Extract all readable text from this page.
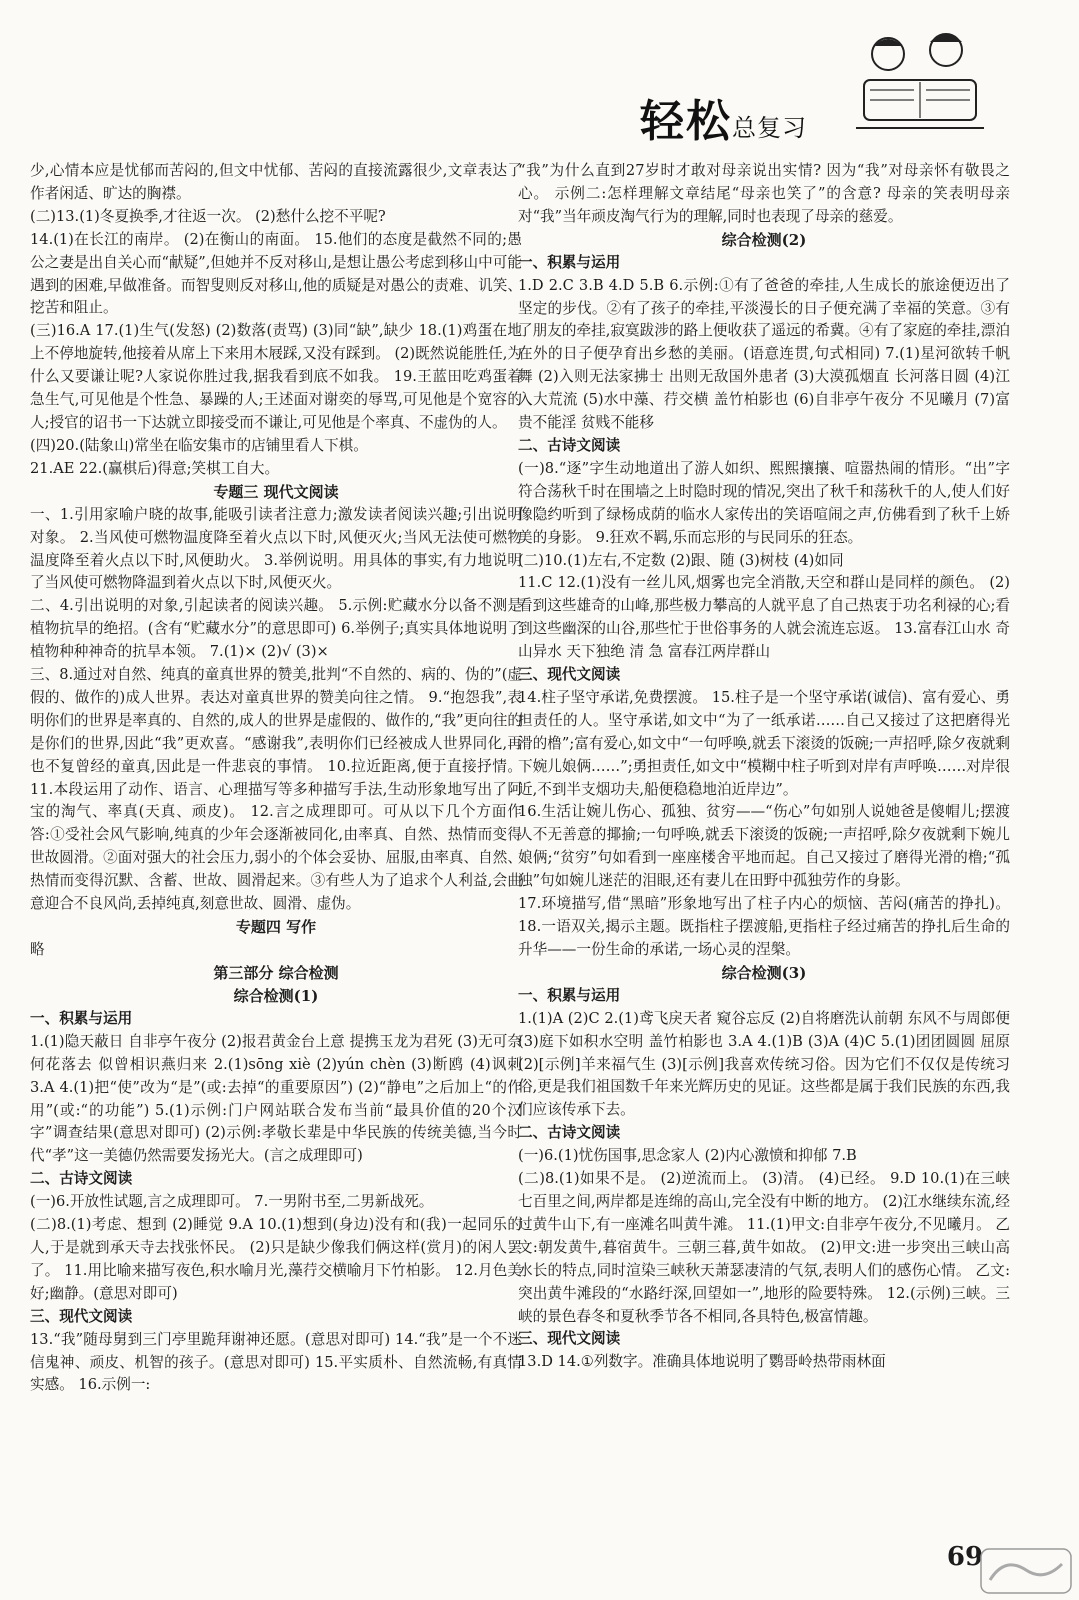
轻松总复习

少,心情本应是忧郁而苦闷的,但文中忧郁、苦闷的直接流露很少,文章表达了作者闲适、旷达的胸襟。

(二)13.(1)冬夏换季,才往返一次。 (2)愁什么挖不平呢?

14.(1)在长江的南岸。 (2)在衡山的南面。 15.他们的态度是截然不同的;愚公之妻是出自关心而“献疑”,但她并不反对移山,是想让愚公考虑到移山中可能遇到的困难,早做准备。而智叟则反对移山,他的质疑是对愚公的责难、讥笑、挖苦和阻止。

(三)16.A 17.(1)生气(发怒) (2)数落(责骂) (3)同“缺”,缺少 18.(1)鸡蛋在地上不停地旋转,他接着从席上下来用木屐踩,又没有踩到。 (2)既然说能胜任,为什么又要谦让呢?人家说你胜过我,据我看到底不如我。 19.王蓝田吃鸡蛋着急生气,可见他是个性急、暴躁的人;王述面对谢奕的辱骂,可见他是个宽容的人;授官的诏书一下达就立即接受而不谦让,可见他是个率真、不虚伪的人。

(四)20.(陆象山)常坐在临安集市的店铺里看人下棋。

21.AE 22.(赢棋后)得意;笑棋工自大。

专题三 现代文阅读

一、1.引用家喻户晓的故事,能吸引读者注意力;激发读者阅读兴趣;引出说明对象。 2.当风使可燃物温度降至着火点以下时,风便灭火;当风无法使可燃物温度降至着火点以下时,风便助火。 3.举例说明。用具体的事实,有力地说明了当风使可燃物降温到着火点以下时,风便灭火。

二、4.引出说明的对象,引起读者的阅读兴趣。 5.示例:贮藏水分以备不测是植物抗旱的绝招。(含有“贮藏水分”的意思即可) 6.举例子;真实具体地说明了植物种种神奇的抗旱本领。 7.(1)× (2)√ (3)×

三、8.通过对自然、纯真的童真世界的赞美,批判“不自然的、病的、伪的”(虚假的、做作的)成人世界。表达对童真世界的赞美向往之情。 9.“抱怨我”,表明你们的世界是率真的、自然的,成人的世界是虚假的、做作的,“我”更向往的是你们的世界,因此“我”更欢喜。“感谢我”,表明你们已经被成人世界同化,再也不复曾经的童真,因此是一件悲哀的事情。 10.拉近距离,便于直接抒情。 11.本段运用了动作、语言、心理描写等多种描写手法,生动形象地写出了阿宝的淘气、率真(天真、顽皮)。 12.言之成理即可。可从以下几个方面作答:①受社会风气影响,纯真的少年会逐渐被同化,由率真、自然、热情而变得世故圆滑。②面对强大的社会压力,弱小的个体会妥协、屈服,由率真、自然、热情而变得沉默、含蓄、世故、圆滑起来。③有些人为了追求个人利益,会曲意迎合不良风尚,丢掉纯真,刻意世故、圆滑、虚伪。

专题四 写作

略

第三部分 综合检测
综合检测(1)
一、积累与运用

1.(1)隐天蔽日 自非亭午夜分 (2)报君黄金台上意 提携玉龙为君死 (3)无可奈何花落去 似曾相识燕归来 2.(1)sōng xiè (2)yún chèn (3)断鸥 (4)讽刺 3.A 4.(1)把“使”改为“是”(或:去掉“的重要原因”) (2)“静电”之后加上“的作用”(或:“的功能”) 5.(1)示例:门户网站联合发布当前“最具价值的20个汉字”调查结果(意思对即可) (2)示例:孝敬长辈是中华民族的传统美德,当今时代“孝”这一美德仍然需要发扬光大。(言之成理即可)

二、古诗文阅读

(一)6.开放性试题,言之成理即可。 7.一男附书至,二男新战死。

(二)8.(1)考虑、想到 (2)睡觉 9.A 10.(1)想到(身边)没有和(我)一起同乐的人,于是就到承天寺去找张怀民。 (2)只是缺少像我们俩这样(赏月)的闲人罢了。 11.用比喻来描写夜色,积水喻月光,藻荇交横喻月下竹柏影。 12.月色美好;幽静。(意思对即可)

三、现代文阅读

13.“我”随母舅到三门亭里跪拜谢神还愿。(意思对即可) 14.“我”是一个不迷信鬼神、顽皮、机智的孩子。(意思对即可) 15.平实质朴、自然流畅,有真情实感。 16.示例一:

“我”为什么直到27岁时才敢对母亲说出实情? 因为“我”对母亲怀有敬畏之心。 示例二:怎样理解文章结尾“母亲也笑了”的含意? 母亲的笑表明母亲对“我”当年顽皮淘气行为的理解,同时也表现了母亲的慈爱。

综合检测(2)
一、积累与运用

1.D 2.C 3.B 4.D 5.B 6.示例:①有了爸爸的牵挂,人生成长的旅途便迈出了坚定的步伐。②有了孩子的牵挂,平淡漫长的日子便充满了幸福的笑意。③有了朋友的牵挂,寂寞跋涉的路上便收获了遥远的希冀。④有了家庭的牵挂,漂泊在外的日子便孕育出乡愁的美丽。(语意连贯,句式相同) 7.(1)星河欲转千帆舞 (2)入则无法家拂士 出则无敌国外患者 (3)大漠孤烟直 长河落日圆 (4)江入大荒流 (5)水中藻、荇交横 盖竹柏影也 (6)自非亭午夜分 不见曦月 (7)富贵不能淫 贫贱不能移

二、古诗文阅读

(一)8.“逐”字生动地道出了游人如织、熙熙攘攘、喧嚣热闹的情形。“出”字符合荡秋千时在围墙之上时隐时现的情况,突出了秋千和荡秋千的人,使人们好像隐约听到了绿杨成荫的临水人家传出的笑语喧闹之声,仿佛看到了秋千上娇美的身影。 9.狂欢不羁,乐而忘形的与民同乐的狂态。

(二)10.(1)左右,不定数 (2)跟、随 (3)树枝 (4)如同

11.C 12.(1)没有一丝儿风,烟雾也完全消散,天空和群山是同样的颜色。 (2)看到这些雄奇的山峰,那些极力攀高的人就平息了自己热衷于功名利禄的心;看到这些幽深的山谷,那些忙于世俗事务的人就会流连忘返。 13.富春江山水 奇山异水 天下独绝 清 急 富春江两岸群山

三、现代文阅读

14.柱子坚守承诺,免费摆渡。 15.柱子是一个坚守承诺(诚信)、富有爱心、勇担责任的人。坚守承诺,如文中“为了一纸承诺……自己又接过了这把磨得光滑的橹”;富有爱心,如文中“一句呼唤,就丢下滚烫的饭碗;一声招呼,除夕夜就剩下婉儿娘俩……”;勇担责任,如文中“模糊中柱子听到对岸有声呼唤……对岸很近,不到半支烟功夫,船便稳稳地泊近岸边”。

16.生活让婉儿伤心、孤独、贫穷——“伤心”句如别人说她爸是傻帽儿;摆渡人不无善意的揶揄;一句呼唤,就丢下滚烫的饭碗;一声招呼,除夕夜就剩下婉儿娘俩;“贫穷”句如看到一座座楼舍平地而起。自己又接过了磨得光滑的橹;“孤独”句如婉儿迷茫的泪眼,还有妻儿在田野中孤独劳作的身影。

17.环境描写,借“黑暗”形象地写出了柱子内心的烦恼、苦闷(痛苦的挣扎)。 18.一语双关,揭示主题。既指柱子摆渡船,更指柱子经过痛苦的挣扎后生命的升华——一份生命的承诺,一场心灵的涅槃。

综合检测(3)
一、积累与运用

1.(1)A (2)C 2.(1)鸢飞戾天者 窥谷忘反 (2)自将磨洗认前朝 东风不与周郎便 (3)庭下如积水空明 盖竹柏影也 3.A 4.(1)B (3)A (4)C 5.(1)团团圆圆 屈原 (2)[示例]羊来福气生 (3)[示例]我喜欢传统习俗。因为它们不仅仅是传统习俗,更是我们祖国数千年来光辉历史的见证。这些都是属于我们民族的东西,我们应该传承下去。

二、古诗文阅读

(一)6.(1)忧伤国事,思念家人 (2)内心激愤和抑郁 7.B

(二)8.(1)如果不是。 (2)逆流而上。 (3)清。 (4)已经。 9.D 10.(1)在三峡七百里之间,两岸都是连绵的高山,完全没有中断的地方。 (2)江水继续东流,经过黄牛山下,有一座滩名叫黄牛滩。 11.(1)甲文:自非亭午夜分,不见曦月。 乙文:朝发黄牛,暮宿黄牛。三朝三暮,黄牛如故。 (2)甲文:进一步突出三峡山高水长的特点,同时渲染三峡秋天萧瑟凄清的气氛,表明人们的感伤心情。 乙文:突出黄牛滩段的“水路纡深,回望如一”,地形的险要特殊。 12.(示例)三峡。三峡的景色春冬和夏秋季节各不相同,各具特色,极富情趣。

三、现代文阅读

13.D 14.①列数字。准确具体地说明了鹦哥岭热带雨林面

69
